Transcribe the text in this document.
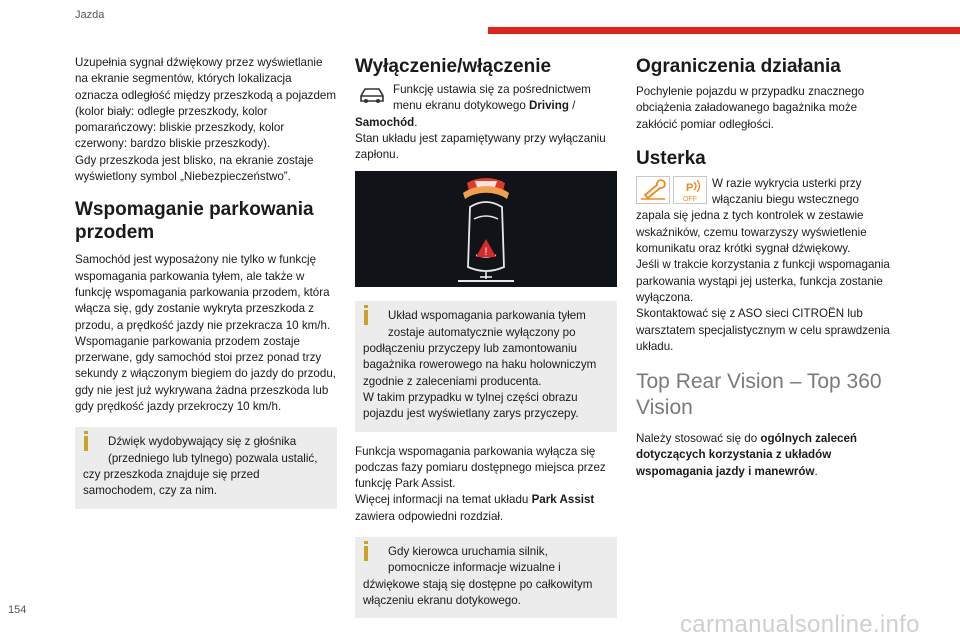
Jazda

Uzupełnia sygnał dźwiękowy przez wyświetlanie na ekranie segmentów, których lokalizacja oznacza odległość między przeszkodą a pojazdem (kolor biały: odległe przeszkody, kolor pomarańczowy: bliskie przeszkody, kolor czerwony: bardzo bliskie przeszkody).

Gdy przeszkoda jest blisko, na ekranie zostaje wyświetlony symbol „Niebezpieczeństwo”.

Wspomaganie parkowania przodem

Samochód jest wyposażony nie tylko w funkcję wspomagania parkowania tyłem, ale także w funkcję wspomagania parkowania przodem, która włącza się, gdy zostanie wykryta przeszkoda z przodu, a prędkość jazdy nie przekracza 10 km/h.

Wspomaganie parkowania przodem zostaje przerwane, gdy samochód stoi przez ponad trzy sekundy z włączonym biegiem do jazdy do przodu, gdy nie jest już wykrywana żadna przeszkoda lub gdy prędkość jazdy przekroczy 10 km/h.

Dźwięk wydobywający się z głośnika (przedniego lub tylnego) pozwala ustalić,

czy przeszkoda znajduje się przed samochodem, czy za nim.

Wyłączenie/włączenie

Funkcję ustawia się za pośrednictwem menu ekranu dotykowego Driving / Samochód.

Stan układu jest zapamiętywany przy wyłączaniu zapłonu.

!

Układ wspomagania parkowania tyłem zostaje automatycznie wyłączony po

podłączeniu przyczepy lub zamontowaniu bagażnika rowerowego na haku holowniczym zgodnie z zaleceniami producenta.

W takim przypadku w tylnej części obrazu pojazdu jest wyświetlany zarys przyczepy.

Funkcja wspomagania parkowania wyłącza się podczas fazy pomiaru dostępnego miejsca przez funkcję Park Assist.

Więcej informacji na temat układu Park Assist zawiera odpowiedni rozdział.

Gdy kierowca uruchamia silnik, pomocnicze informacje wizualne i

dźwiękowe stają się dostępne po całkowitym włączeniu ekranu dotykowego.

Ograniczenia działania

Pochylenie pojazdu w przypadku znacznego obciążenia załadowanego bagażnika może zakłócić pomiar odległości.

Usterka
P
OFF

W razie wykrycia usterki przy włączaniu biegu wstecznego zapala się jedna z tych kontrolek w zestawie wskaźników, czemu towarzyszy wyświetlenie komunikatu oraz krótki sygnał dźwiękowy.

Jeśli w trakcie korzystania z funkcji wspomagania parkowania wystąpi jej usterka, funkcja zostanie wyłączona.

Skontaktować się z ASO sieci CITROËN lub warsztatem specjalistycznym w celu sprawdzenia układu.

Top Rear Vision – Top 360 Vision

Należy stosować się do ogólnych zaleceń dotyczących korzystania z układów wspomagania jazdy i manewrów.

154
carmanualsonline.info
